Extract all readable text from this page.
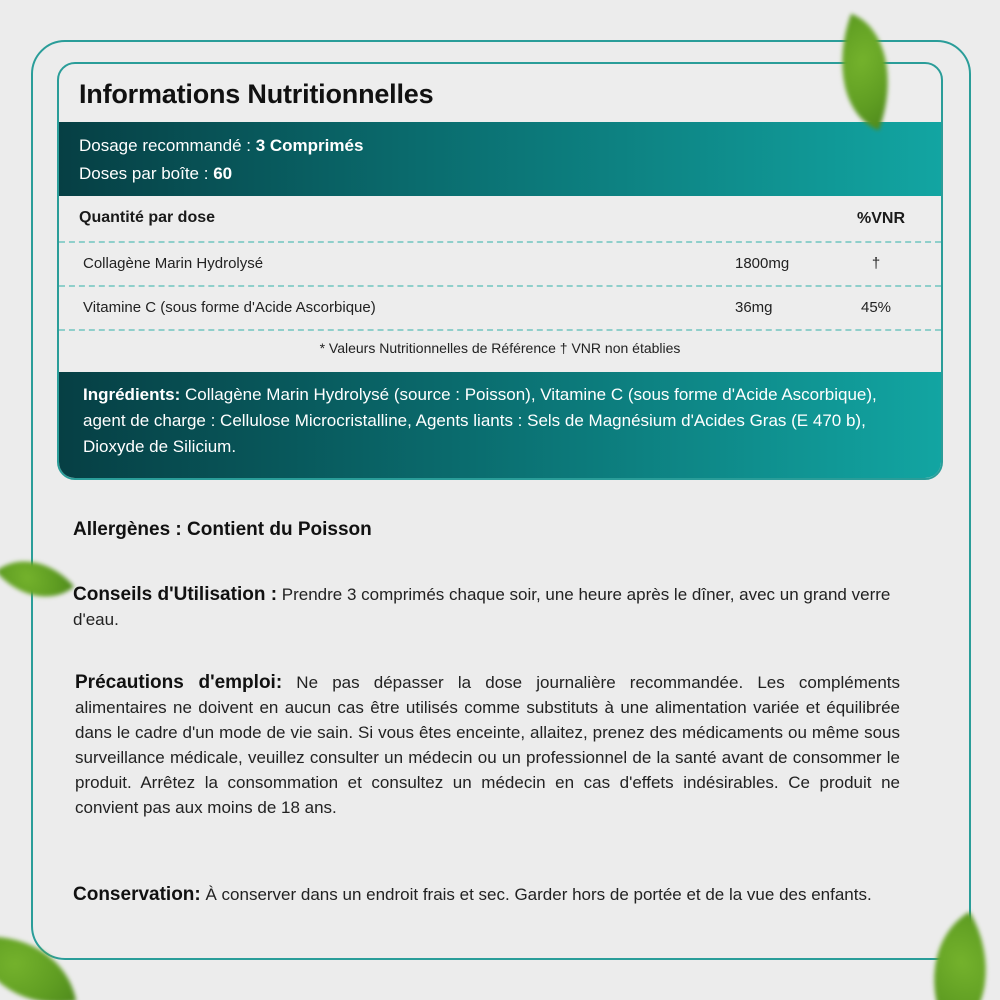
Informations Nutritionnelles
Dosage recommandé : 3 Comprimés
Doses par boîte : 60
Quantité par dose	%VNR
Collagène Marin Hydrolysé	1800mg	†
Vitamine C (sous forme d'Acide Ascorbique)	36mg	45%
* Valeurs Nutritionnelles de Référence † VNR non établies
Ingrédients: Collagène Marin Hydrolysé (source : Poisson), Vitamine C (sous forme d'Acide Ascorbique), agent de charge : Cellulose Microcristalline, Agents liants : Sels de Magnésium d'Acides Gras (E 470 b), Dioxyde de Silicium.
Allergènes : Contient du Poisson
Conseils d'Utilisation : Prendre 3 comprimés chaque soir, une heure après le dîner, avec un grand verre d'eau.
Précautions d'emploi: Ne pas dépasser la dose journalière recommandée. Les compléments alimentaires ne doivent en aucun cas être utilisés comme substituts à une alimentation variée et équilibrée dans le cadre d'un mode de vie sain. Si vous êtes enceinte, allaitez, prenez des médicaments ou même sous surveillance médicale, veuillez consulter un médecin ou un professionnel de la santé avant de consommer le produit. Arrêtez la consommation et consultez un médecin en cas d'effets indésirables. Ce produit ne convient pas aux moins de 18 ans.
Conservation: À conserver dans un endroit frais et sec. Garder hors de portée et de la vue des enfants.
